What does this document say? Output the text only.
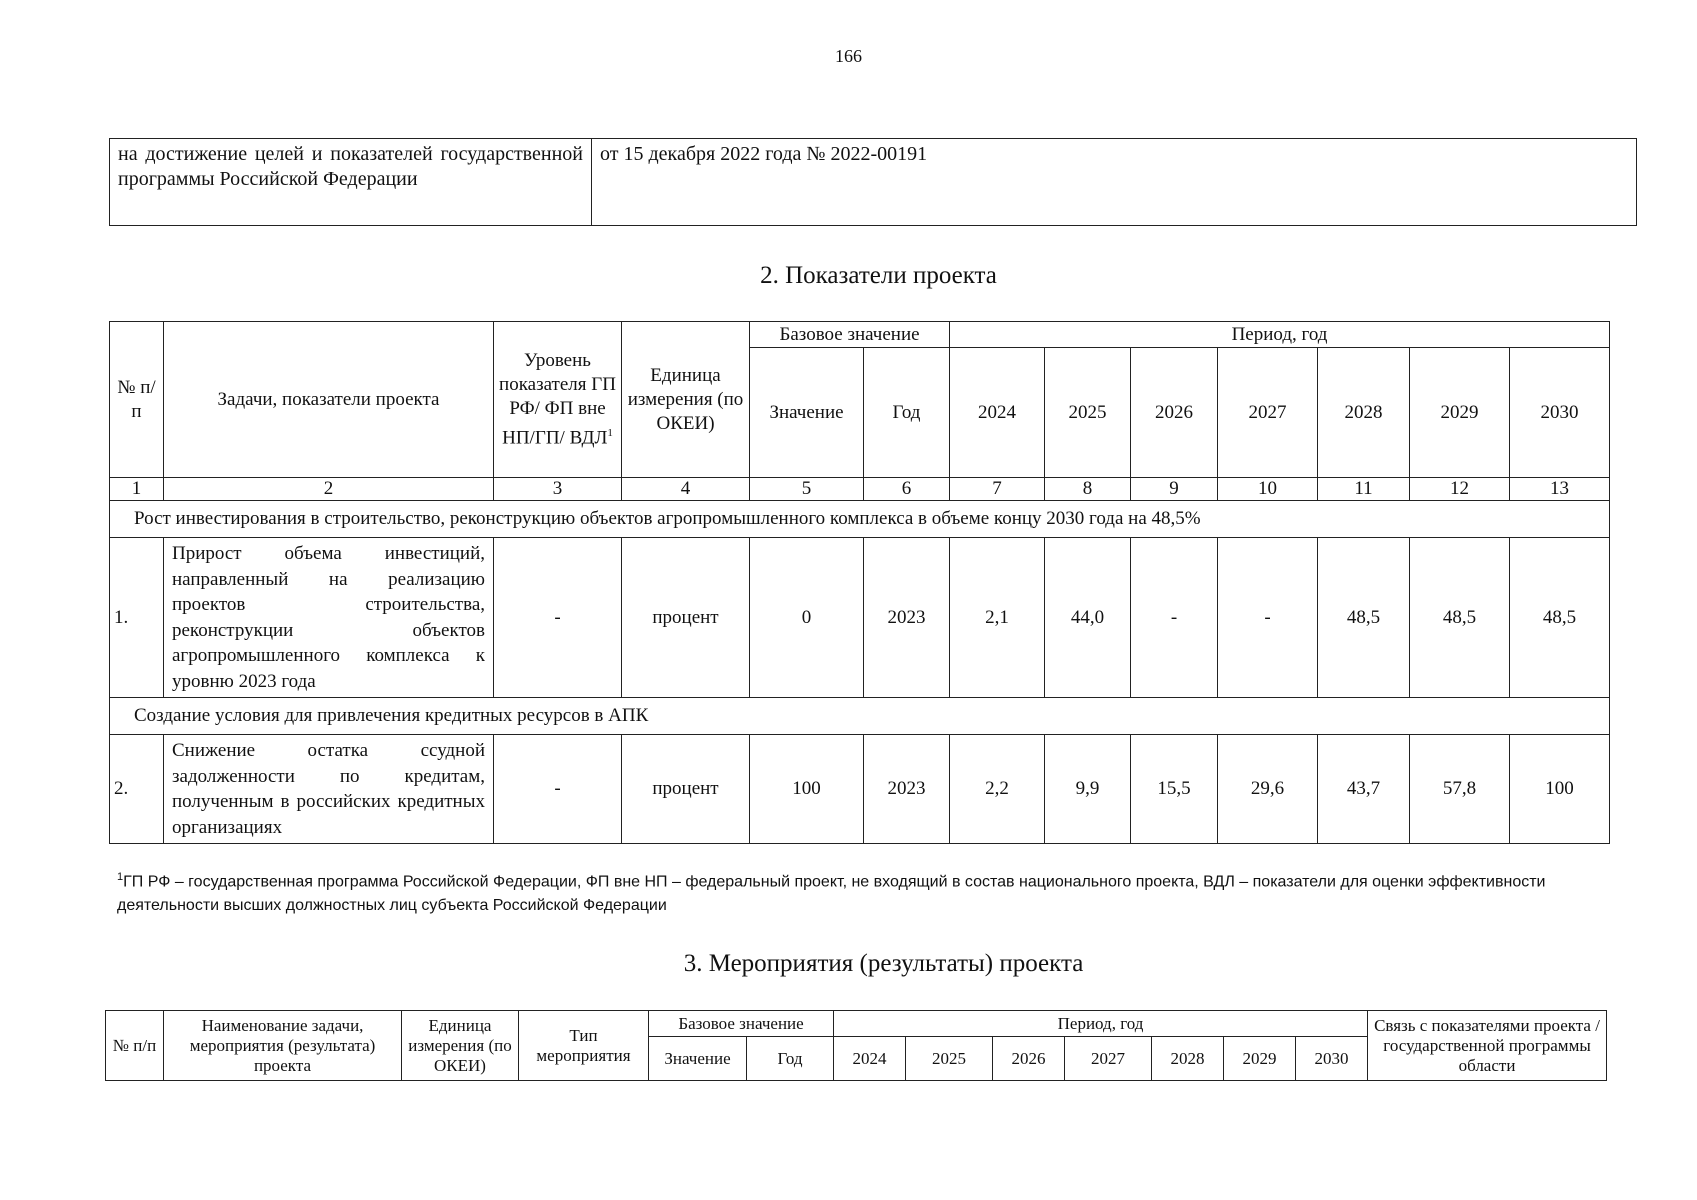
166
на достижение целей и показателей государственной программы Российской Федерации	от 15 декабря 2022 года № 2022-00191
2. Показатели проекта
№ п/п	Задачи, показатели проекта	Уровень показателя ГП РФ/ ФП вне НП/ГП/ ВДЛ$^1$	Единица измерения (по ОКЕИ)	Базовое значение		Период, год						
				Значение	Год	2024	2025	2026	2027	2028	2029	2030
1	2	3	4	5	6	7	8	9	10	11	12	13
Рост инвестирования в строительство, реконструкцию объектов агропромышленного комплекса в объеме концу 2030 года на 48,5%												
1.	Прирост объема инвестиций, направленный на реализацию проектов строительства, реконструкции объектов агропромышленного комплекса к уровню 2023 года	-	процент	0	2023	2,1	44,0	-	-	48,5	48,5	48,5
Создание условия для привлечения кредитных ресурсов в АПК												
2.	Снижение остатка ссудной задолженности по кредитам, полученным в российских кредитных организациях	-	процент	100	2023	2,2	9,9	15,5	29,6	43,7	57,8	100
$^1$ГП РФ – государственная программа Российской Федерации, ФП вне НП – федеральный проект, не входящий в состав национального проекта, ВДЛ – показатели для оценки эффективности деятельности высших должностных лиц субъекта Российской Федерации
3. Мероприятия (результаты) проекта
№ п/п	Наименование задачи, мероприятия (результата) проекта	Единица измерения (по ОКЕИ)	Тип мероприятия	Базовое значение		Период, год							Связь с показателями проекта / государственной программы области
				Значение	Год	2024	2025	2026	2027	2028	2029	2030	
